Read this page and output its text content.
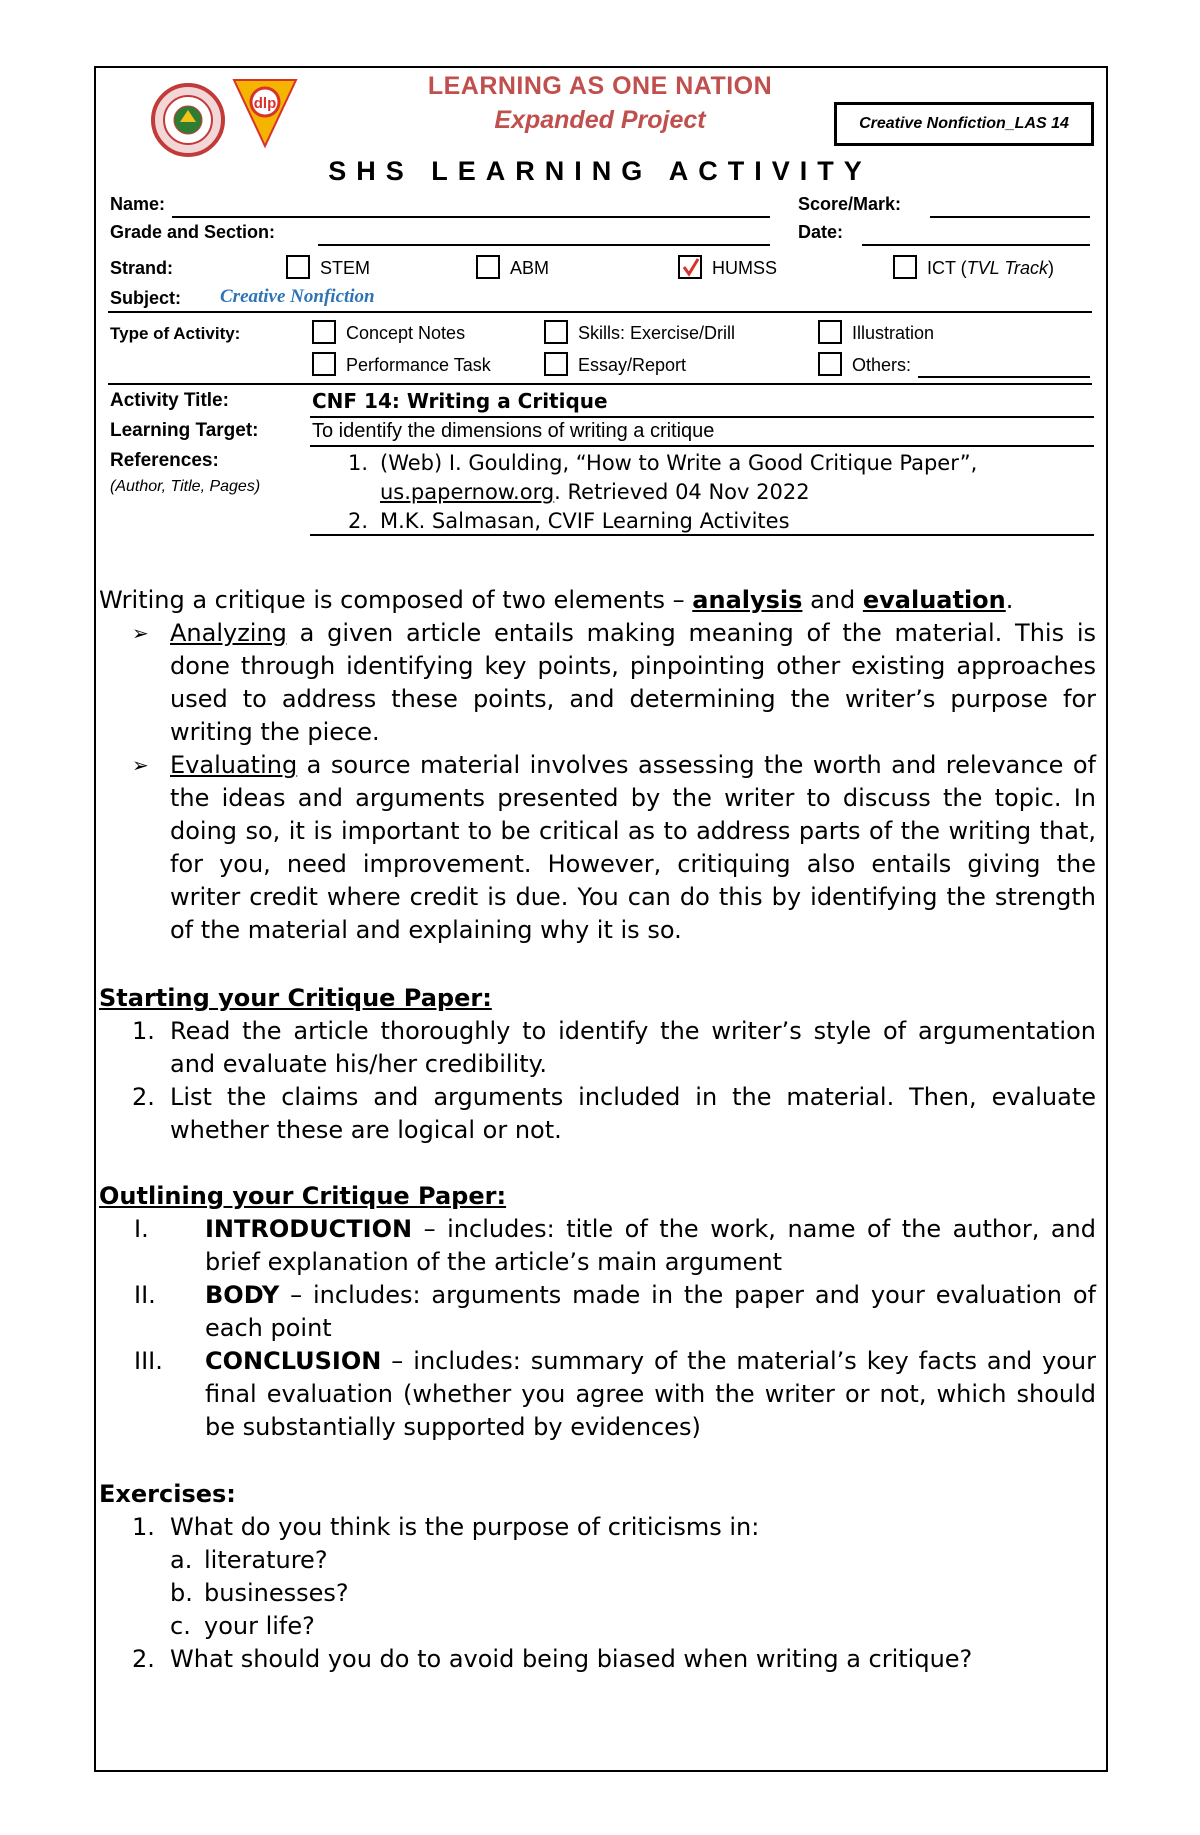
dlp
LEARNING AS ONE NATION
Expanded Project	Creative Nonfiction_LAS 14
SHS LEARNING ACTIVITY
Name:	Score/Mark:
Grade and Section:	Date:
Strand:	STEM	ABM	HUMSS	ICT (TVL Track)
Subject: Creative Nonfiction
Type of Activity:	Concept Notes	Skills: Exercise/Drill	Illustration
Performance Task	Essay/Report	Others:
Activity Title:	CNF 14: Writing a Critique
Learning Target:	To identify the dimensions of writing a critique
References:
(Author, Title, Pages)
1. (Web) I. Goulding, “How to Write a Good Critique Paper”,
us.papernow.org. Retrieved 04 Nov 2022
2. M.K. Salmasan, CVIF Learning Activites
Writing a critique is composed of two elements – analysis and evaluation.
➢ Analyzing a given article entails making meaning of the material. This is done through identifying key points, pinpointing other existing approaches used to address these points, and determining the writer’s purpose for writing the piece.
➢ Evaluating a source material involves assessing the worth and relevance of the ideas and arguments presented by the writer to discuss the topic. In doing so, it is important to be critical as to address parts of the writing that, for you, need improvement. However, critiquing also entails giving the writer credit where credit is due. You can do this by identifying the strength of the material and explaining why it is so.
Starting your Critique Paper:
1. Read the article thoroughly to identify the writer’s style of argumentation and evaluate his/her credibility.
2. List the claims and arguments included in the material. Then, evaluate whether these are logical or not.
Outlining your Critique Paper:
I. INTRODUCTION – includes: title of the work, name of the author, and brief explanation of the article’s main argument
II. BODY – includes: arguments made in the paper and your evaluation of each point
III. CONCLUSION – includes: summary of the material’s key facts and your final evaluation (whether you agree with the writer or not, which should be substantially supported by evidences)
Exercises:
1. What do you think is the purpose of criticisms in:
a. literature?
b. businesses?
c. your life?
2. What should you do to avoid being biased when writing a critique?
